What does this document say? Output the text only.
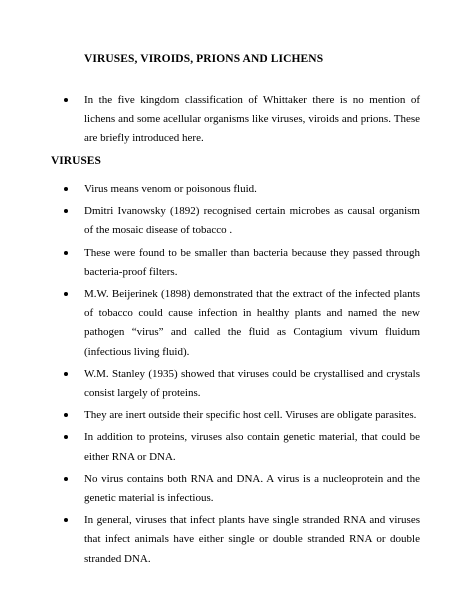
VIRUSES, VIROIDS, PRIONS AND LICHENS
In the five kingdom classification of Whittaker there is no mention of lichens and some acellular organisms like viruses, viroids and prions. These are briefly introduced here.
VIRUSES
Virus means venom or poisonous fluid.
Dmitri Ivanowsky (1892) recognised certain microbes as causal organism of the mosaic disease of tobacco .
These were found to be smaller than bacteria because they passed through bacteria-proof filters.
M.W. Beijerinek (1898) demonstrated that the extract of the infected plants of tobacco could cause infection in healthy plants and named the new pathogen “virus” and called the fluid as Contagium vivum fluidum (infectious living fluid).
W.M. Stanley (1935) showed that viruses could be crystallised and crystals consist largely of proteins.
They are inert outside their specific host cell. Viruses are obligate parasites.
In addition to proteins, viruses also contain genetic material, that could be either RNA or DNA.
No virus contains both RNA and DNA. A virus is a nucleoprotein and the genetic material is infectious.
In general, viruses that infect plants have single stranded RNA and viruses that infect animals have either single or double stranded RNA or double stranded DNA.
